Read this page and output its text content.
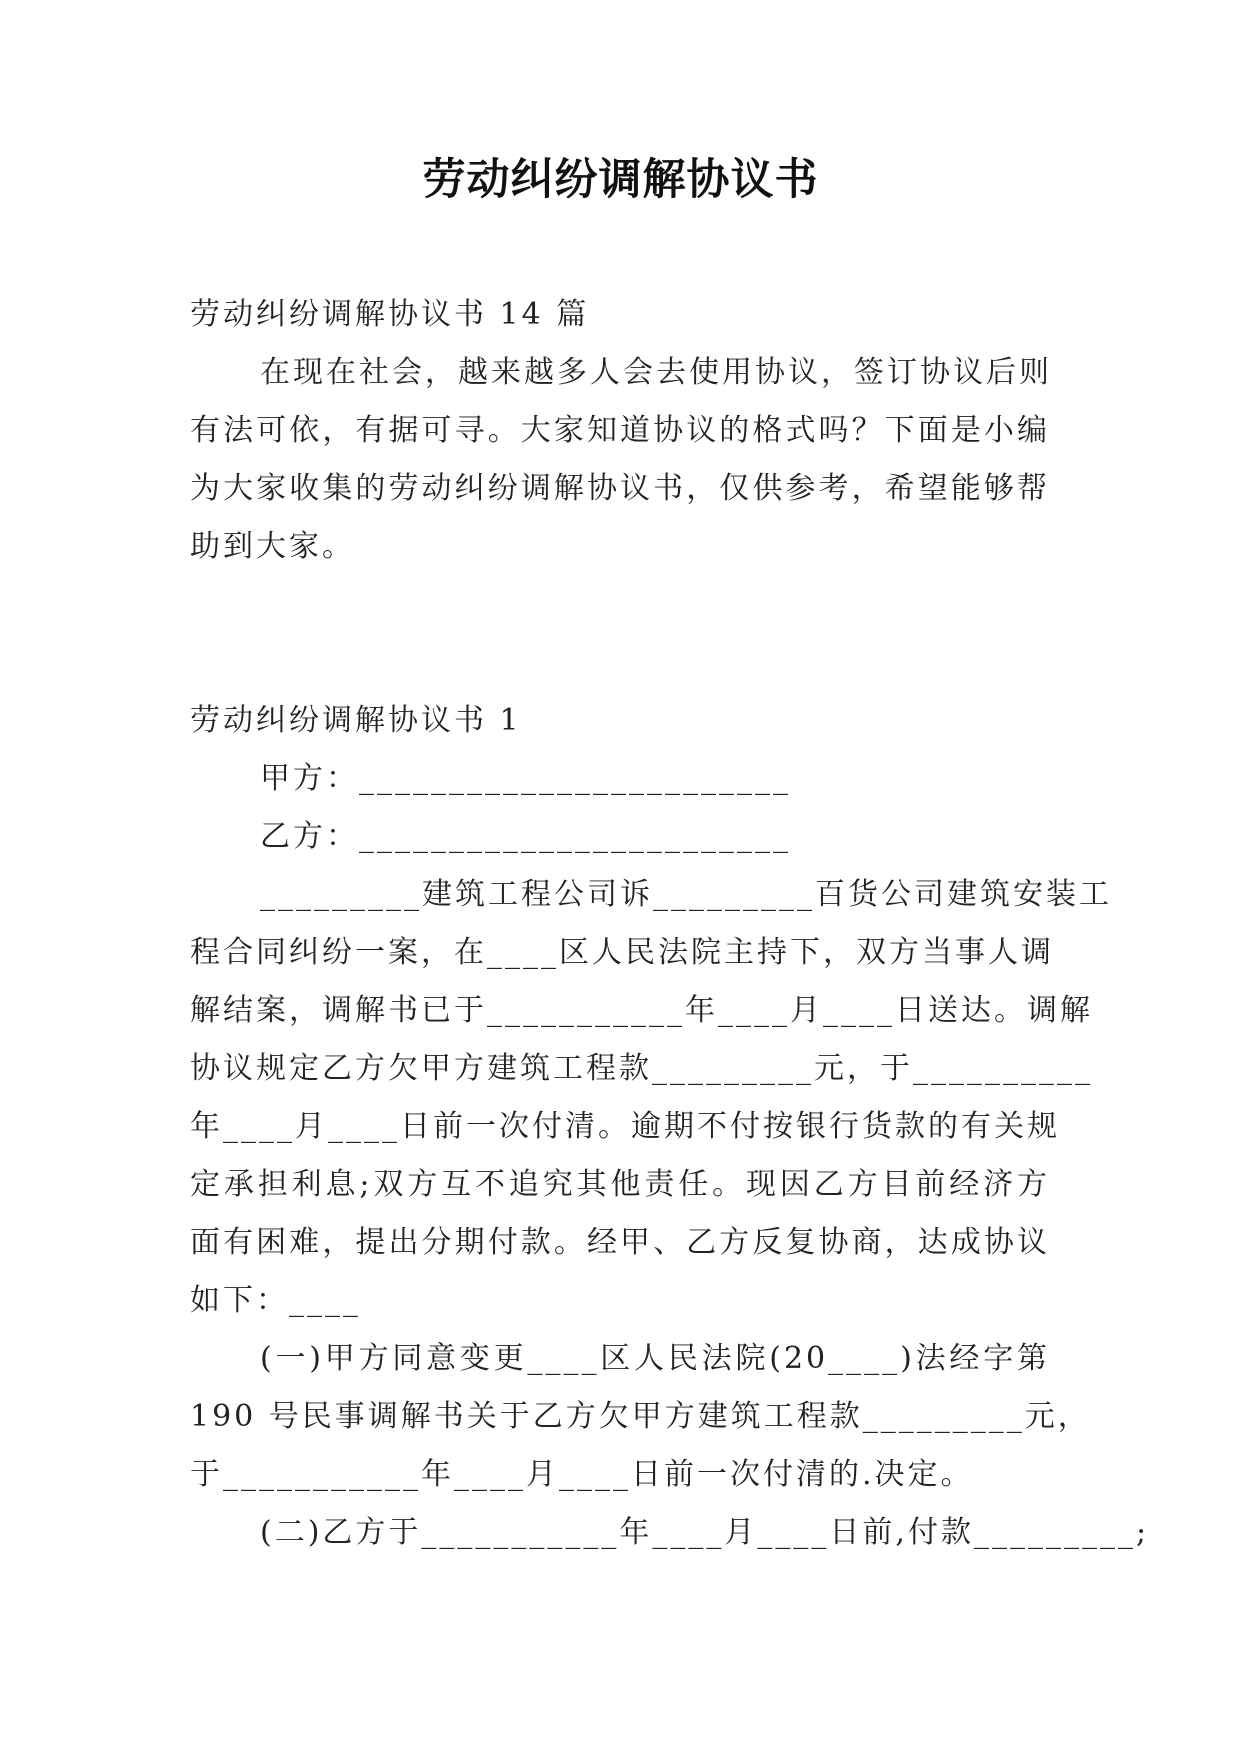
劳动纠纷调解协议书

劳动纠纷调解协议书 14 篇

在现在社会，越来越多人会去使用协议，签订协议后则

有法可依，有据可寻。大家知道协议的格式吗？下面是小编

为大家收集的劳动纠纷调解协议书，仅供参考，希望能够帮

助到大家。

劳动纠纷调解协议书 1

甲方：________________________

乙方：________________________

_________建筑工程公司诉_________百货公司建筑安装工

程合同纠纷一案，在____区人民法院主持下，双方当事人调

解结案，调解书已于___________年____月____日送达。调解

协议规定乙方欠甲方建筑工程款_________元，于__________

年____月____日前一次付清。逾期不付按银行货款的有关规

定承担利息;双方互不追究其他责任。现因乙方目前经济方

面有困难，提出分期付款。经甲、乙方反复协商，达成协议

如下：____

(一)甲方同意变更____区人民法院(20____)法经字第

190 号民事调解书关于乙方欠甲方建筑工程款_________元，

于___________年____月____日前一次付清的.决定。

(二)乙方于___________年____月____日前,付款_________;
